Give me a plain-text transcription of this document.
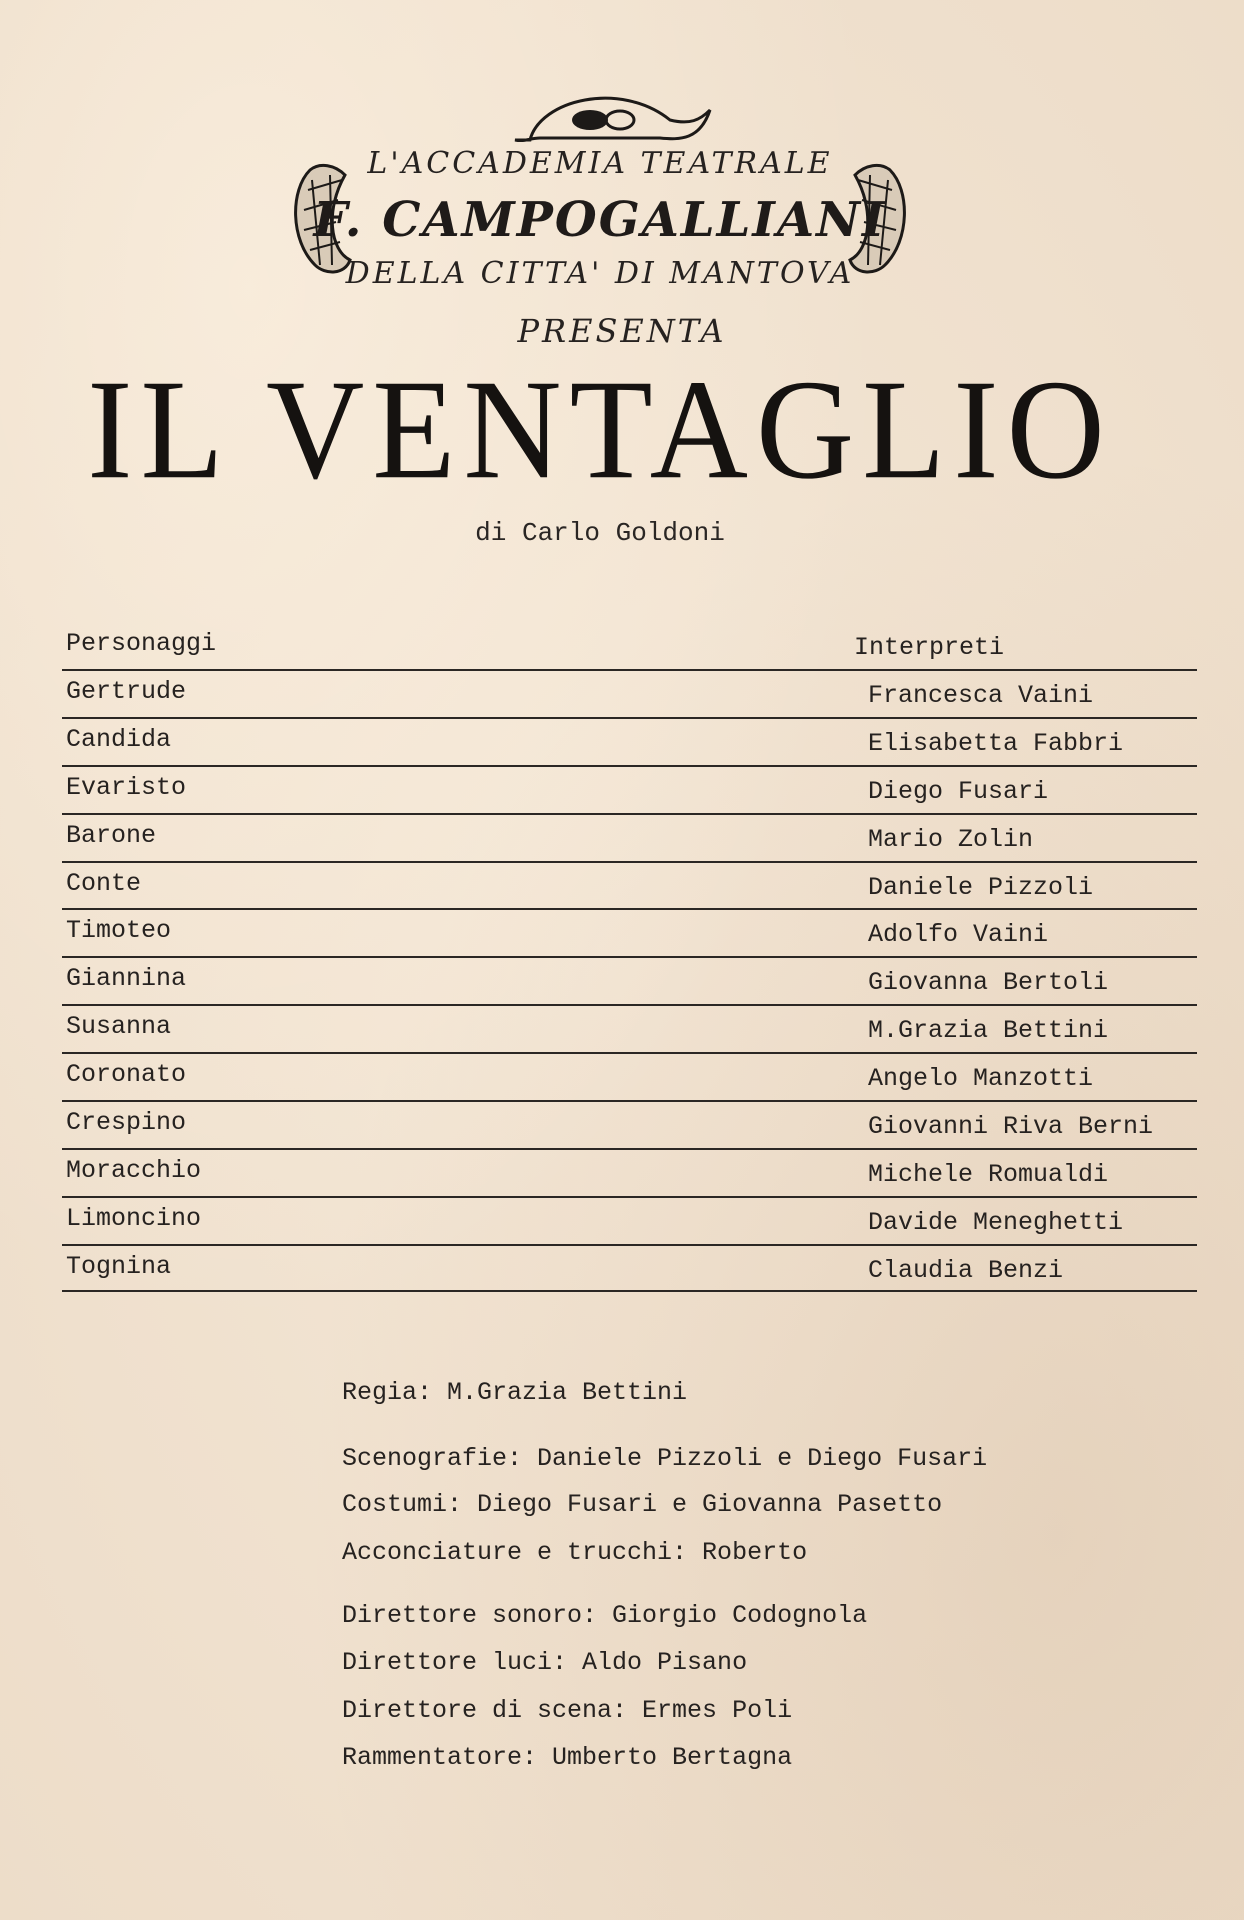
L'ACCADEMIA TEATRALE
F. CAMPOGALLIANI
DELLA CITTA' DI MANTOVA
PRESENTA
IL VENTAGLIO
di Carlo Goldoni
Personaggi	Interpreti
Gertrude	Francesca Vaini
Candida	Elisabetta Fabbri
Evaristo	Diego Fusari
Barone	Mario Zolin
Conte	Daniele Pizzoli
Timoteo	Adolfo Vaini
Giannina	Giovanna Bertoli
Susanna	M.Grazia Bettini
Coronato	Angelo Manzotti
Crespino	Giovanni Riva Berni
Moracchio	Michele Romualdi
Limoncino	Davide Meneghetti
Tognina	Claudia Benzi
Regia: M.Grazia Bettini
Scenografie: Daniele Pizzoli e Diego Fusari
Costumi: Diego Fusari e Giovanna Pasetto
Acconciature e trucchi: Roberto
Direttore sonoro: Giorgio Codognola
Direttore luci: Aldo Pisano
Direttore di scena: Ermes Poli
Rammentatore: Umberto Bertagna
